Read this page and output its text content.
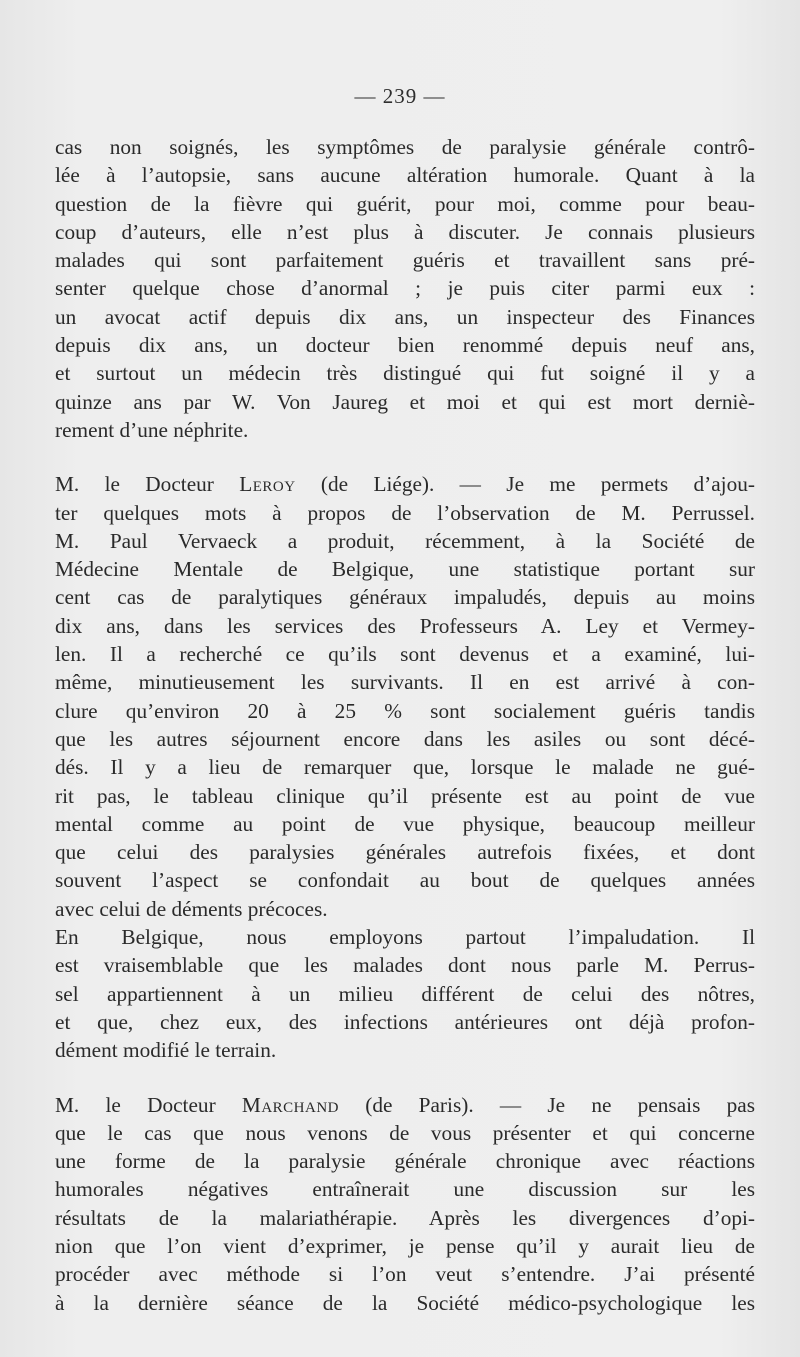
— 239 —
cas non soignés, les symptômes de paralysie générale contrô-
lée à l’autopsie, sans aucune altération humorale. Quant à la
question de la fièvre qui guérit, pour moi, comme pour beau-
coup d’auteurs, elle n’est plus à discuter. Je connais plusieurs
malades qui sont parfaitement guéris et travaillent sans pré-
senter quelque chose d’anormal ; je puis citer parmi eux :
un avocat actif depuis dix ans, un inspecteur des Finances
depuis dix ans, un docteur bien renommé depuis neuf ans,
et surtout un médecin très distingué qui fut soigné il y a
quinze ans par W. Von Jaureg et moi et qui est mort derniè-
rement d’une néphrite.
M. le Docteur Leroy (de Liége). — Je me permets d’ajou-
ter quelques mots à propos de l’observation de M. Perrussel.
M. Paul Vervaeck a produit, récemment, à la Société de
Médecine Mentale de Belgique, une statistique portant sur
cent cas de paralytiques généraux impaludés, depuis au moins
dix ans, dans les services des Professeurs A. Ley et Vermey-
len. Il a recherché ce qu’ils sont devenus et a examiné, lui-
même, minutieusement les survivants. Il en est arrivé à con-
clure qu’environ 20 à 25 % sont socialement guéris tandis
que les autres séjournent encore dans les asiles ou sont décé-
dés. Il y a lieu de remarquer que, lorsque le malade ne gué-
rit pas, le tableau clinique qu’il présente est au point de vue
mental comme au point de vue physique, beaucoup meilleur
que celui des paralysies générales autrefois fixées, et dont
souvent l’aspect se confondait au bout de quelques années
avec celui de déments précoces.
En Belgique, nous employons partout l’impaludation. Il
est vraisemblable que les malades dont nous parle M. Perrus-
sel appartiennent à un milieu différent de celui des nôtres,
et que, chez eux, des infections antérieures ont déjà profon-
dément modifié le terrain.
M. le Docteur Marchand (de Paris). — Je ne pensais pas
que le cas que nous venons de vous présenter et qui concerne
une forme de la paralysie générale chronique avec réactions
humorales négatives entraînerait une discussion sur les
résultats de la malariathérapie. Après les divergences d’opi-
nion que l’on vient d’exprimer, je pense qu’il y aurait lieu de
procéder avec méthode si l’on veut s’entendre. J’ai présenté
à la dernière séance de la Société médico-psychologique les
